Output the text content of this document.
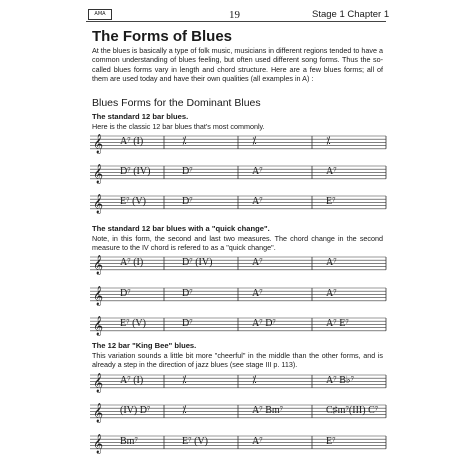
AMA	19	Stage 1 Chapter 1
The Forms of Blues
At the blues is basically a type of folk music, musicians in different regions tended to have a common understanding of blues feeling, but often used different song forms. Thus the so-called blues forms vary in length and chord structure. Here are a few blues forms; all of them are used today and have their own qualities (all examples in A) :
Blues Forms for the Dominant Blues
The standard 12 bar blues.
Here is the classic 12 bar blues that's most commonly.
𝄞 A⁷ (I)	⁒	⁒	⁒
𝄞 D⁷ (IV)	D⁷	A⁷	A⁷
𝄞 E⁷ (V)	D⁷	A⁷	E⁷
The standard 12 bar blues with a "quick change".
Note, in this form, the second and last two measures. The chord change in the second measure to the IV chord is refered to as a "quick change".
𝄞 A⁷ (I)	D⁷ (IV)	A⁷	A⁷
𝄞 D⁷	D⁷	A⁷	A⁷
𝄞 E⁷ (V)	D⁷	A⁷ D⁷	A⁷ E⁷
The 12 bar "King Bee" blues.
This variation sounds a little bit more "cheerful" in the middle than the other forms, and is already a step in the direction of jazz blues (see stage III p. 113).
𝄞 A⁷ (I)	⁒	⁒	A⁷ B♭⁷
𝄞 (IV) D⁷	⁒	A⁷ Bm⁷	C♯m⁷(III) C⁷
𝄞 Bm⁷	E⁷ (V)	A⁷	E⁷
